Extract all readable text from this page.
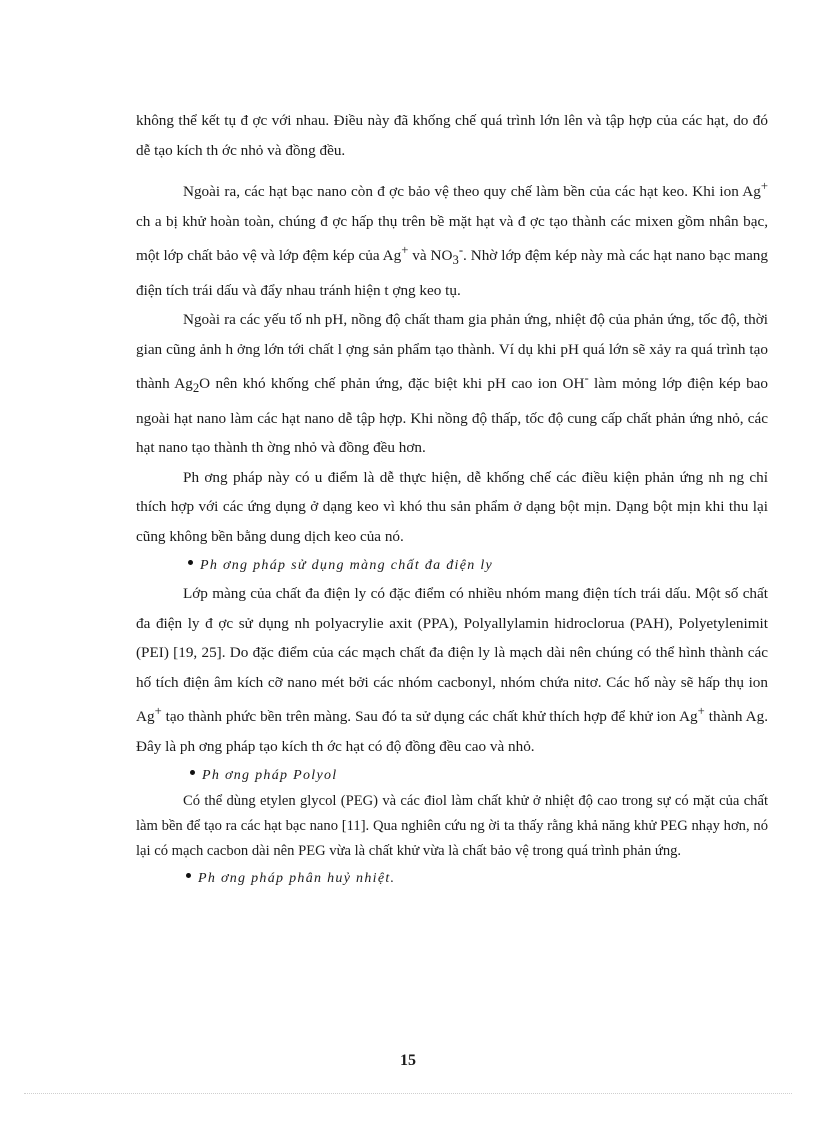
không thể kết tụ đ ợc với nhau. Điều này đã khống chế quá trình lớn lên và tập hợp của các hạt, do đó dễ tạo kích th ớc nhỏ và đồng đều.

Ngoài ra, các hạt bạc nano còn đ ợc bảo vệ theo quy chế làm bền của các hạt keo. Khi ion Ag+ ch a bị khử hoàn toàn, chúng đ ợc hấp thụ trên bề mặt hạt và đ ợc tạo thành các mixen gồm nhân bạc, một lớp chất bảo vệ và lớp đệm kép của Ag+ và $NO_3^-$. Nhờ lớp đệm kép này mà các hạt nano bạc mang điện tích trái dấu và đẩy nhau tránh hiện t ợng keo tụ.

Ngoài ra các yếu tố nh pH, nồng độ chất tham gia phản ứng, nhiệt độ của phản ứng, tốc độ, thời gian cũng ảnh h ởng lớn tới chất l ợng sản phẩm tạo thành. Ví dụ khi pH quá lớn sẽ xảy ra quá trình tạo thành $Ag_2O$ nên khó khống chế phản ứng, đặc biệt khi pH cao ion OH- làm mỏng lớp điện kép bao ngoài hạt nano làm các hạt nano dễ tập hợp. Khi nồng độ thấp, tốc độ cung cấp chất phản ứng nhỏ, các hạt nano tạo thành th ờng nhỏ và đồng đều hơn.

Ph ơng pháp này có u điểm là dễ thực hiện, dễ khống chế các điều kiện phản ứng nh ng chỉ thích hợp với các ứng dụng ở dạng keo vì khó thu sản phẩm ở dạng bột mịn. Dạng bột mịn khi thu lại cũng không bền bằng dung dịch keo của nó.

Ph ơng pháp sử dụng màng chất đa điện ly

Lớp màng của chất đa điện ly có đặc điểm có nhiều nhóm mang điện tích trái dấu. Một số chất đa điện ly đ ợc sử dụng nh polyacrylie axit (PPA), Polyallylamin hidroclorua (PAH), Polyetylenimit (PEI) [19, 25]. Do đặc điểm của các mạch chất đa điện ly là mạch dài nên chúng có thể hình thành các hố tích điện âm kích cỡ nano mét bởi các nhóm cacbonyl, nhóm chứa nitơ. Các hố này sẽ hấp thụ ion Ag+ tạo thành phức bền trên màng. Sau đó ta sử dụng các chất khử thích hợp để khử ion Ag+ thành Ag. Đây là ph ơng pháp tạo kích th ớc hạt có độ đồng đều cao và nhỏ.

Ph ơng pháp Polyol

Có thể dùng etylen glycol (PEG) và các điol làm chất khử ở nhiệt độ cao trong sự có mặt của chất làm bền để tạo ra các hạt bạc nano [11]. Qua nghiên cứu ng ời ta thấy rằng khả năng khử PEG nhạy hơn, nó lại có mạch cacbon dài nên PEG vừa là chất khử vừa là chất bảo vệ trong quá trình phản ứng.

Ph ơng pháp phân huỷ nhiệt.

15
